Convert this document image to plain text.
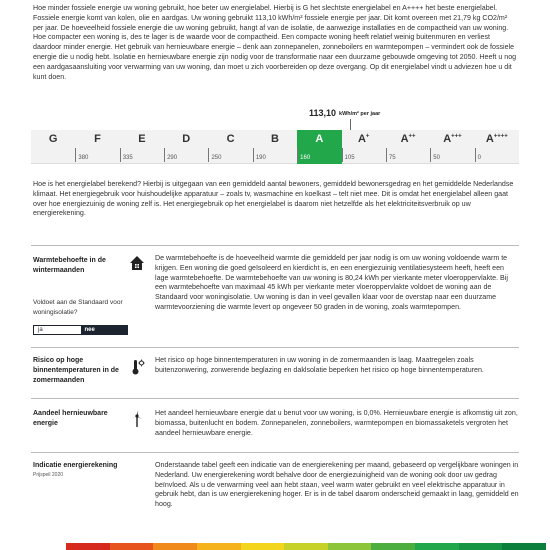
Hoe minder fossiele energie uw woning gebruikt, hoe beter uw energielabel. Hierbij is G het slechtste energielabel en A++++ het beste energielabel. Fossiele energie komt van kolen, olie en aardgas. Uw woning gebruikt 113,10 kWh/m² fossiele energie per jaar. Dit komt overeen met 21,79 kg CO2/m² per jaar. De hoeveelheid fossiele energie die uw woning gebruikt, hangt af van de isolatie, de aanwezige installaties en de compactheid van uw woning. Hoe compacter een woning is, des te lager is de waarde voor de compactheid. Een compacte woning heeft relatief weinig buitenmuren en verliest daardoor minder energie. Het gebruik van hernieuwbare energie – denk aan zonnepanelen, zonneboilers en warmtepompen – vermindert ook de fossiele energie die u nodig hebt. Isolatie en hernieuwbare energie zijn nodig voor de transformatie naar een duurzame gebouwde omgeving tot 2050. Heeft u nog een aardgasaansluiting voor verwarming van uw woning, dan moet u zich voorbereiden op deze overgang. Op dit energielabel vindt u adviezen hoe u dit kunt doen.

113,10 $^{kWh/m^2 per jaar}$
G	F
380
E
335
D
290
C
250
B
190
A
160
A+
105
A++
75
A+++
50
A++++
0

Hoe is het energielabel berekend? Hierbij is uitgegaan van een gemiddeld aantal bewoners, gemiddeld bewonersgedrag en het gemiddelde Nederlandse klimaat. Het energiegebruik voor huishoudelijke apparatuur – zoals tv, wasmachine en koelkast – telt niet mee. Dit is omdat het energielabel alleen gaat over hoe energiezuinig de woning zelf is. Het energiegebruik op het energielabel is daarom niet hetzelfde als het elektriciteitsverbruik op uw energierekening.

Warmtebehoefte in de wintermaanden

De warmtebehoefte is de hoeveelheid warmte die gemiddeld per jaar nodig is om uw woning voldoende warm te krijgen. Een woning die goed geïsoleerd en kierdicht is, en een energiezuinig ventilatiesysteem heeft, heeft een lage warmtebehoefte. De warmtebehoefte van uw woning is 80,24 kWh per vierkante meter vloeroppervlakte. Bij een warmtebehoefte van maximaal 45 kWh per vierkante meter vloeroppervlakte voldoet de woning aan de Standaard voor woningisolatie. Uw woning is dan in veel gevallen klaar voor de overstap naar een duurzame warmtevoorziening die warmte levert op ongeveer 50 graden in de woning, zoals warmtepompen.

Voldoet aan de Standaard voor woningisolatie?

ja	nee
Risico op hoge binnentemperaturen in de zomermaanden

Het risico op hoge binnentemperaturen in uw woning in de zomermaanden is laag. Maatregelen zoals buitenzonwering, zonwerende beglazing en daklsolatie beperken het risico op hoge binnentemperaturen.

Aandeel hernieuwbare energie

Het aandeel hernieuwbare energie dat u benut voor uw woning, is 0,0%. Hernieuwbare energie is afkomstig uit zon, biomassa, buitenlucht en bodem. Zonnepanelen, zonneboilers, warmtepompen en biomassaketels vergroten het aandeel hernieuwbare energie.

Indicatie energierekening
Prijspeil 2020

Onderstaande tabel geeft een indicatie van de energierekening per maand, gebaseerd op vergelijkbare woningen in Nederland. Uw energierekening wordt behalve door de energiezuinigheid van de woning ook door uw gedrag beïnvloed. Als u de verwarming veel aan hebt staan, veel warm water gebruikt en veel elektrische apparatuur in gebruik hebt, dan is uw energierekening hoger. Er is in de tabel daarom onderscheid gemaakt in laag, gemiddeld en hoog.
